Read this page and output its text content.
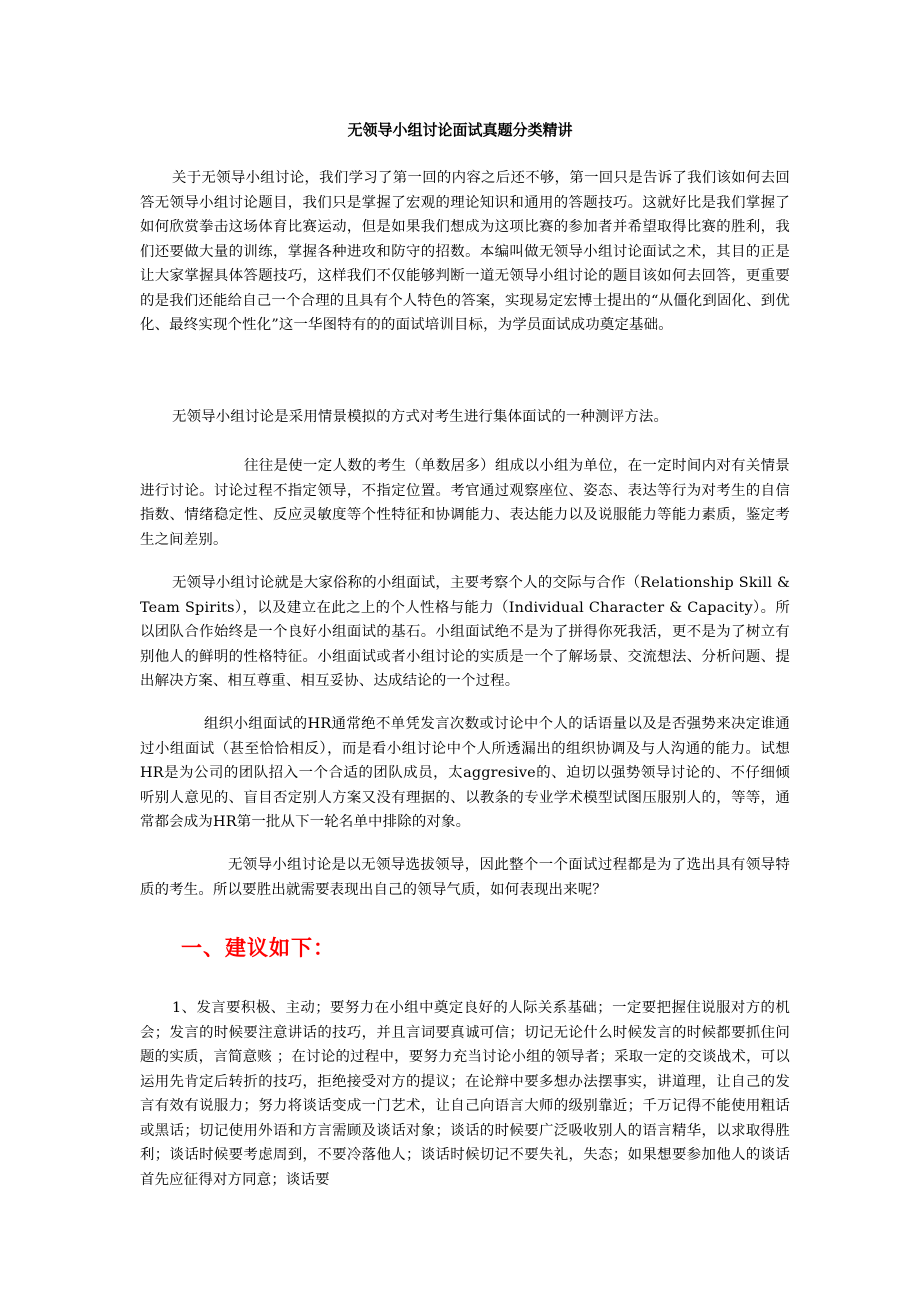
无领导小组讨论面试真题分类精讲

关于无领导小组讨论，我们学习了第一回的内容之后还不够，第一回只是告诉了我们该如何去回答无领导小组讨论题目，我们只是掌握了宏观的理论知识和通用的答题技巧。这就好比是我们掌握了如何欣赏拳击这场体育比赛运动，但是如果我们想成为这项比赛的参加者并希望取得比赛的胜利，我们还要做大量的训练，掌握各种进攻和防守的招数。本编叫做无领导小组讨论面试之术，其目的正是让大家掌握具体答题技巧，这样我们不仅能够判断一道无领导小组讨论的题目该如何去回答，更重要的是我们还能给自己一个合理的且具有个人特色的答案，实现易定宏博士提出的“从僵化到固化、到优化、最终实现个性化”这一华图特有的的面试培训目标，为学员面试成功奠定基础。

无领导小组讨论是采用情景模拟的方式对考生进行集体面试的一种测评方法。

往往是使一定人数的考生（单数居多）组成以小组为单位，在一定时间内对有关情景进行讨论。讨论过程不指定领导，不指定位置。考官通过观察座位、姿态、表达等行为对考生的自信指数、情绪稳定性、反应灵敏度等个性特征和协调能力、表达能力以及说服能力等能力素质，鉴定考生之间差别。

无领导小组讨论就是大家俗称的小组面试，主要考察个人的交际与合作（Relationship Skill & Team Spirits），以及建立在此之上的个人性格与能力（Individual Character & Capacity）。所以团队合作始终是一个良好小组面试的基石。小组面试绝不是为了拼得你死我活，更不是为了树立有别他人的鲜明的性格特征。小组面试或者小组讨论的实质是一个了解场景、交流想法、分析问题、提出解决方案、相互尊重、相互妥协、达成结论的一个过程。

组织小组面试的HR通常绝不单凭发言次数或讨论中个人的话语量以及是否强势来决定谁通过小组面试（甚至恰恰相反），而是看小组讨论中个人所透漏出的组织协调及与人沟通的能力。试想HR是为公司的团队招入一个合适的团队成员，太aggresive的、迫切以强势领导讨论的、不仔细倾听别人意见的、盲目否定别人方案又没有理据的、以教条的专业学术模型试图压服别人的，等等，通常都会成为HR第一批从下一轮名单中排除的对象。

无领导小组讨论是以无领导选拔领导，因此整个一个面试过程都是为了选出具有领导特质的考生。所以要胜出就需要表现出自己的领导气质，如何表现出来呢？

一、建议如下：

1、发言要积极、主动；要努力在小组中奠定良好的人际关系基础；一定要把握住说服对方的机会；发言的时候要注意讲话的技巧，并且言词要真诚可信；切记无论什么时候发言的时候都要抓住问题的实质，言简意赅 ；在讨论的过程中，要努力充当讨论小组的领导者；采取一定的交谈战术，可以运用先肯定后转折的技巧，拒绝接受对方的提议；在论辩中要多想办法摆事实，讲道理，让自己的发言有效有说服力；努力将谈话变成一门艺术，让自己向语言大师的级别靠近；千万记得不能使用粗话或黑话；切记使用外语和方言需顾及谈话对象；谈话的时候要广泛吸收别人的语言精华，以求取得胜利；谈话时候要考虑周到，不要冷落他人；谈话时候切记不要失礼，失态；如果想要参加他人的谈话首先应征得对方同意；谈话要
